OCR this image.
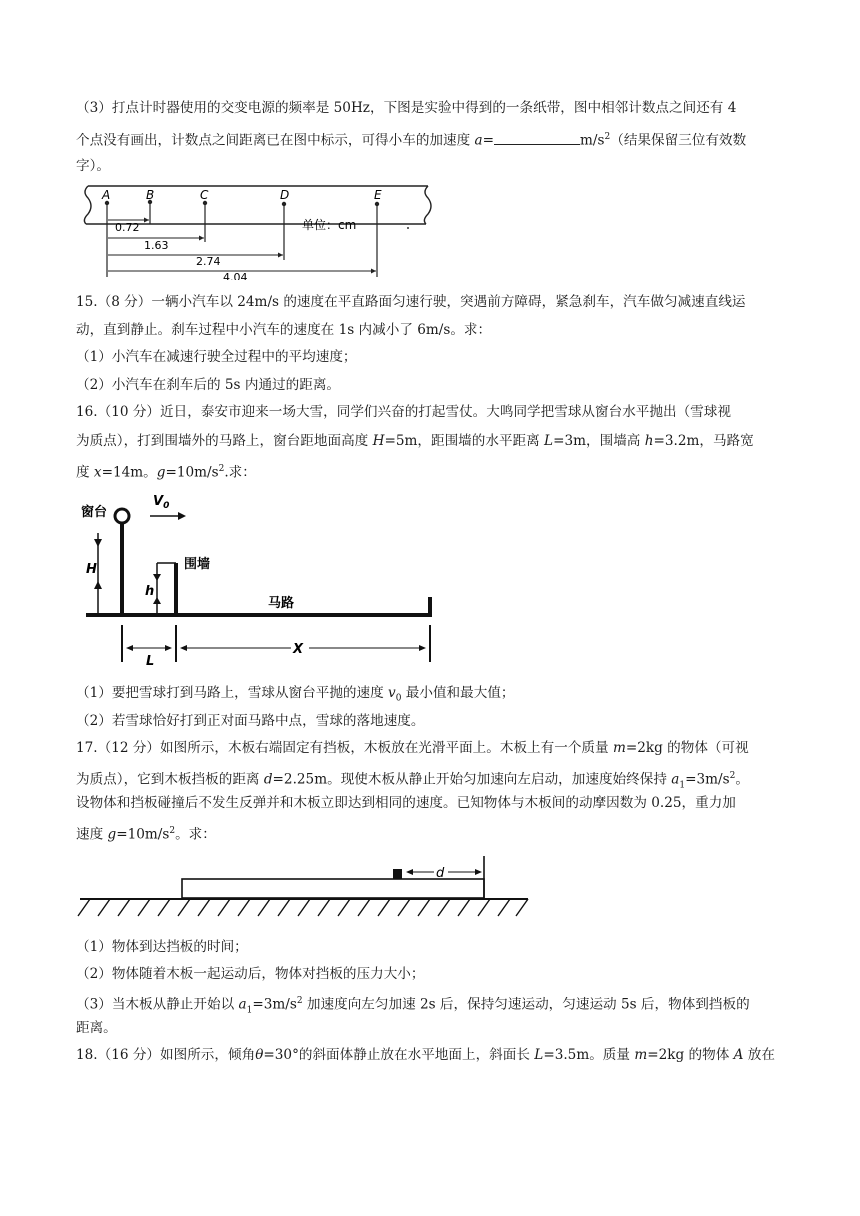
（3）打点计时器使用的交变电源的频率是 50Hz，下图是实验中得到的一条纸带，图中相邻计数点之间还有 4
个点没有画出，计数点之间距离已在图中标示，可得小车的加速度 a=	$m/s^2$（结果保留三位有效数
字）。
A	B	C	D	E
单位：cm
0.72
1.63
2.74
4.04
15.（8 分）一辆小汽车以 24m/s 的速度在平直路面匀速行驶，突遇前方障碍，紧急刹车，汽车做匀减速直线运
动，直到静止。刹车过程中小汽车的速度在 1s 内减小了 6m/s。求：
（1）小汽车在减速行驶全过程中的平均速度；
（2）小汽车在刹车后的 5s 内通过的距离。
16.（10 分）近日，泰安市迎来一场大雪，同学们兴奋的打起雪仗。大鸣同学把雪球从窗台水平抛出（雪球视
为质点），打到围墙外的马路上，窗台距地面高度 H=5m，距围墙的水平距离 L=3m，围墙高 h=3.2m，马路宽
度 x=14m。$g=10m/s^2$.求：
窗台
$V_0$
H
h
围墙
马路
L
X
（1）要把雪球打到马路上，雪球从窗台平抛的速度 $v_0$ 最小值和最大值；
（2）若雪球恰好打到正对面马路中点，雪球的落地速度。
17.（12 分）如图所示，木板右端固定有挡板，木板放在光滑平面上。木板上有一个质量 m=2kg 的物体（可视
为质点），它到木板挡板的距离 d=2.25m。现使木板从静止开始匀加速向左启动，加速度始终保持 $a_1=3m/s^2$。
设物体和挡板碰撞后不发生反弹并和木板立即达到相同的速度。已知物体与木板间的动摩因数为 0.25，重力加
速度 $g=10m/s^2$。求：
d
（1）物体到达挡板的时间；
（2）物体随着木板一起运动后，物体对挡板的压力大小；
（3）当木板从静止开始以 $a_1=3m/s^2$ 加速度向左匀加速 2s 后，保持匀速运动，匀速运动 5s 后，物体到挡板的
距离。
18.（16 分）如图所示，倾角θ=30°的斜面体静止放在水平地面上，斜面长 L=3.5m。质量 m=2kg 的物体 A 放在
